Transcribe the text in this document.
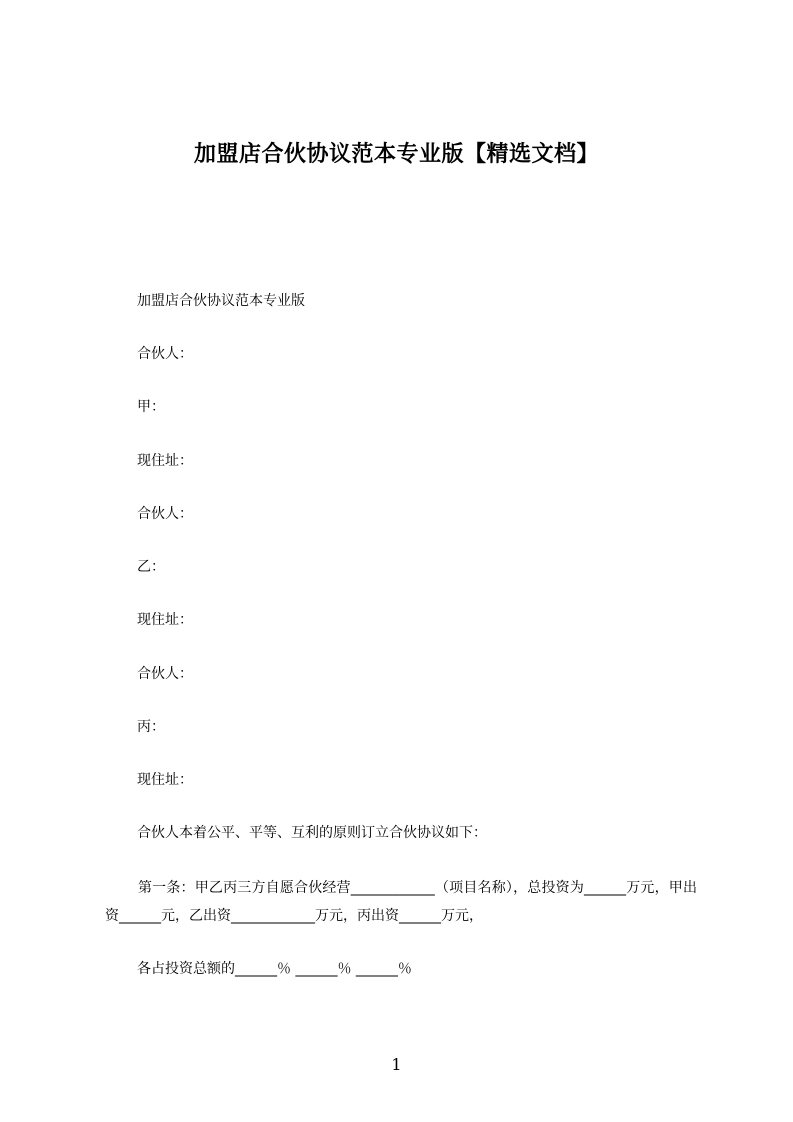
加盟店合伙协议范本专业版【精选文档】
加盟店合伙协议范本专业版
合伙人：
甲：
现住址：
合伙人：
乙：
现住址：
合伙人：
丙：
现住址：
合伙人本着公平、平等、互利的原则订立合伙协议如下：
第一条：甲乙丙三方自愿合伙经营____________（项目名称），总投资为______万元，甲出资______元，乙出资____________万元，丙出资______万元，
各占投资总额的______％ ______％ ______％
1
